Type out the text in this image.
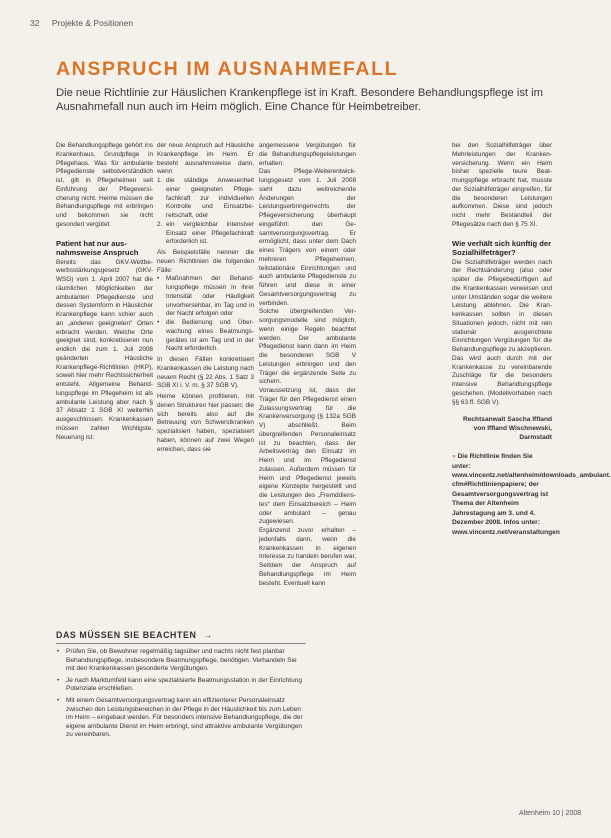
32 Projekte & Positionen
ANSPRUCH IM AUSNAHMEFALL

Die neue Richtlinie zur Häuslichen Krankenpflege ist in Kraft. Besondere Behandlungspflege ist im Ausnahmefall nun auch im Heim möglich. Eine Chance für Heimbetreiber.

Die Behandlungspflege gehört ins Krankenhaus, Grundpflege in Pflegehaus. Was für ambulante Pflegedienste selbstverständlich ist, gilt in Pflegeheimen seit Einführung der Pflegeversicherung nicht. Heime müssen die Behandlungspflege mit erbringen und bekommen sie nicht gesondert vergütet.

Patient hat nur ausnahmsweise Anspruch

Bereits das GKV-Wettbewerbsstärkungsgesetz (GKV-WSG) vom 1. April 2007 hat die räumlichen Möglichkeiten der ambulanten Pflegedienste und dessen Systemform in Häuslicher Krankenpflege kann schier auch an „anderen geeigneten“ Orten erbracht werden. Welche Orte geeignet sind, konkretisieren nun endlich die zum 1. Juli 2008 geänderten Häusliche Krankenpflege-Richtlinien (HKP), soweit hier mehr Rechtssicherheit entsteht. Allgemeine Behandlungspflege im Pflegeheim ist als ambulante Leistung aber nach § 37 Absatz 1 SGB XI weiterhin ausgeschlossen. Krankenkassen müssen zahlen Wichtigste. Neuerung ist:

der neue Anspruch auf Häusliche Krankenpflege im Heim. Er besteht ausnahmsweise dann, wenn

1. die ständige Anwesenheit einer geeigneten Pflegefachkraft zur individuellen Kontrolle und Einsatzbereitschaft, oder
2. ein vergleichbar intensiver Einsatz einer Pflegefachkraft erforderlich ist.

Als Beispielsfälle nennen die neuen Richtlinien die folgenden Fälle:

• Maßnahmen der Behandlungspflege müssen in ihrer Intensität oder Häufigkeit unvorhersehbar, im Tag und in der Nacht erfolgen oder
• die Bedienung und Überwachung eines Beatmungsgerätes ist am Tag und in der Nacht erforderlich.

In diesen Fällen konkretisiert Krankenkassen die Leistung nach neuem Recht (§ 22 Abs. 1 Satz 3 SGB XI i. V. m. § 37 SGB V).

Heime können profitieren, mit denen Strukturen hier passen; die sich bereits also auf die Betreuung von Schwerstkranken spezialisiert haben, spezialsiert haben, können auf zwei Wegen erreichen, dass sie

angemessene Vergütungen für die Behandlungspflegeleistungen erhalten:

Das Pflege-Weiterentwicklungsgesetz vom 1. Juli 2008 sieht dazu weitreichende Änderungen der Leistungserbringerrechts der Pflegeversicherung überhaupt eingeführt: den Gesamtversorgungsvertrag. Er ermöglicht, dass unter dem Dach eines Trägers von einem oder mehreren Pflegeheimen, teilstationäre Einrichtungen und auch ambulante Pflegedienste zu führen und diese in einer Gesamtversorgungsvertrag zu verbinden.

Solche übergreifenden Versorgungsmodelle sind möglich, wenn einige Regeln beachtet werden. Der ambulante Pflegedienst kann dann im Heim die besonderen SGB V Leistungen erbringen und den Träger die ergänzende Seite zu sichern.

Voraussetzung ist, dass der Träger für den Pflegedienst einen Zulassungsvertrag für die Krankenversorgung (§ 132a SGB V) abschließt. Beim übergreifenden Personaleinsatz ist zu beachten, dass der Arbeitsvertrag den Einsatz im Heim und im Pflegedienst zulassen. Außerdem müssen für Heim und Pflegedienst jeweils eigene Konzepte hergestellt und die Leistungen des „Fremddienstes“ dem Einsatzbereich – Heim oder ambulant – genau zugewiesen.

Ergänzend zuvor erhalten – jedenfalls dann, wenn die Krankenkassen in eigenen Interesse zu handeln berufen war, Seitdem der Anspruch auf Behandlungspflege im Heim besteht. Eventuell kann

bei den Sozialhilfeträger über Mehrleistungen der Krankenversicherung. Wenn ein Heim bisher spezielle teure Beatmungspflege erbracht hat, musste der Sozialhilfeträger eingreifen, für die besonderen Leistungen aufkommen. Diese sind jedoch nicht mehr Bestandteil der Pflegesätze nach den § 75 XI.

Wie verhält sich künftig der Sozialhilfeträger?

Die Sozialhilfeträger werden nach der Rechtsänderung (also oder später die Pflegebedürftigen auf die Krankenkassen verweisen und unter Umständen sogar die weitere Leistung ablehnen. Die Krankenkassen sollten in diesen Situationen jedoch, nicht mit rein stationär ausgerichtete Einrichtungen Vergütungen für die Behandlungspflege zu akzeptieren. Das wird auch durch mit der Krankenkasse zu vereinbarende Zuschläge für die besonders intensive Behandlungspflege geschehen. (Modellvorhaben nach §§ 63 ff. SGB V).

Rechtsanwalt Sascha Iffland von Iffland Wischnewski, Darmstadt

» Die Richtlinie finden Sie unter: www.vincentz.net/altenheim/downloads_ambulant. cfm#Richtlinienpapiere; der Gesamtversorgungsvertrag ist Thema der Altenheim Jahrestagung am 3. und 4. Dezember 2008. Infos unter: www.vincentz.net/veranstaltungen

DAS MÜSSEN SIE BEACHTEN →
• Prüfen Sie, ob Bewohner regelmäßig tagsüber und nachts nicht fest planbar Behandlungspflege, insbesondere Beatmungspflege, benötigen. Verhandeln Sie mit den Krankenkassen gesonderte Vergütungen.
• Je nach Marktumfeld kann eine spezialisierte Beatmungsstation in der Einrichtung Potenziale erschließen.
• Mit einem Gesamtversorgungsvertrag kann ein effizienterer Personaleinsatz zwischen den Leistungsbereichen in der Pflege in der Häuslichkeit bis zum Leben im Heim – eingebaut werden. Für besonders intensive Behandlungspflege, die der eigene ambulante Dienst im Heim erbringt, sind attraktive ambulante Vergütungen zu vereinbaren.
Altenheim 10 | 2008
